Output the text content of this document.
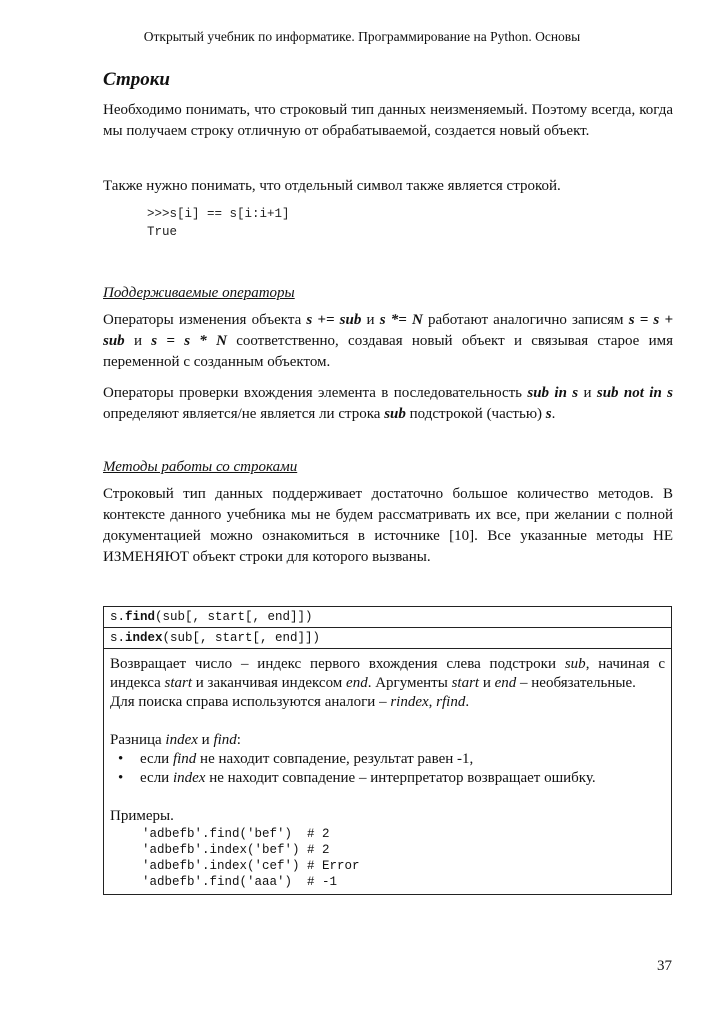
Открытый учебник по информатике. Программирование на Python. Основы
Строки
Необходимо понимать, что строковый тип данных неизменяемый. Поэтому всегда, когда мы получаем строку отличную от обрабатываемой, создается новый объект.
Также нужно понимать, что отдельный символ также является строкой.
>>>s[i] == s[i:i+1]
True
Поддерживаемые операторы
Операторы изменения объекта s += sub и s *= N работают аналогично записям s = s + sub и s = s * N соответственно, создавая новый объект и связывая старое имя переменной с созданным объектом.
Операторы проверки вхождения элемента в последовательность sub in s и sub not in s определяют является/не является ли строка sub подстрокой (частью) s.
Методы работы со строками
Строковый тип данных поддерживает достаточно большое количество методов. В контексте данного учебника мы не будем рассматривать их все, при желании с полной документацией можно ознакомиться в источнике [10]. Все указанные методы НЕ ИЗМЕНЯЮТ объект строки для которого вызваны.
s.find(sub[, start[, end]])
s.index(sub[, start[, end]])
Возвращает число – индекс первого вхождения слева подстроки sub, начиная с индекса start и заканчивая индексом end. Аргументы start и end – необязательные.
Для поиска справа используются аналоги – rindex, rfind.
Разница index и find:
• если find не находит совпадение, результат равен -1,
• если index не находит совпадение – интерпретатор возвращает ошибку.
Примеры.
'adbefb'.find('bef')  # 2
'adbefb'.index('bef') # 2
'adbefb'.index('cef') # Error
'adbefb'.find('aaa')  # -1
37
